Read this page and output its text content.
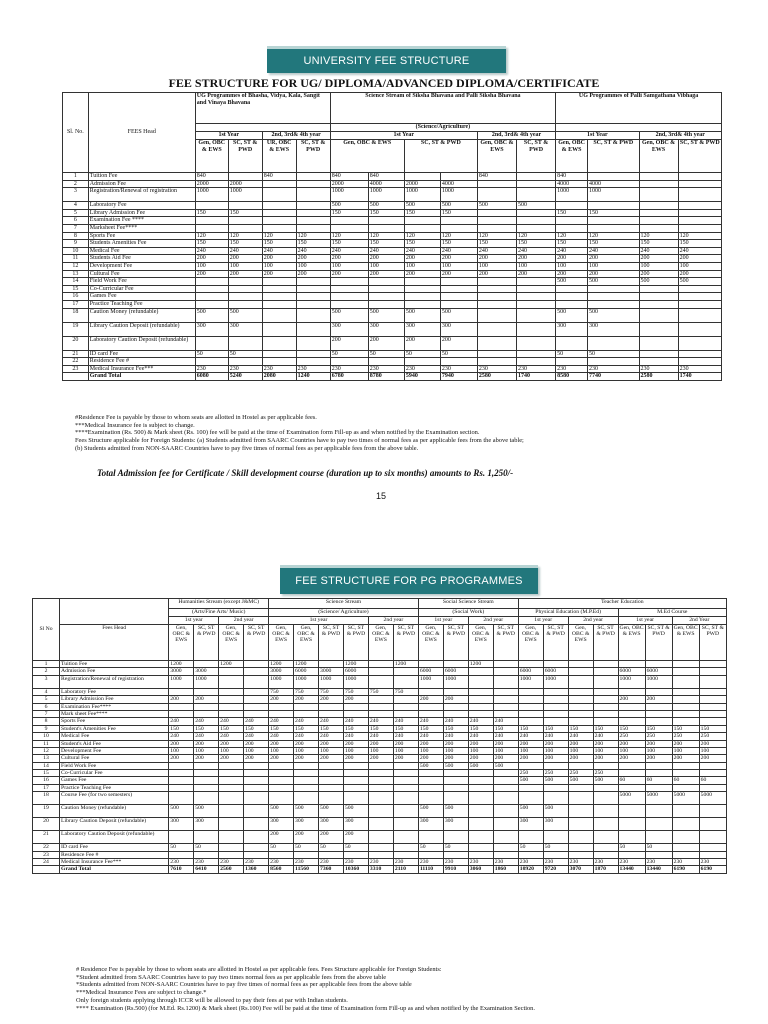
UNIVERSITY FEE STRUCTURE
FEE STRUCTURE FOR UG/ DIPLOMA/ADVANCED DIPLOMA/CERTIFICATE
Sl. No.	FEES Head	UG Programmes of Bhasha, Vidya, Kala, Sangit and Vinaya Bhavana				Science Stream of Siksha Bhavana and Palli Siksha Bhavana						UG Programmes of Palli Samgathana Vibhaga			
						(Science/Agriculture)									
		1st Year		2nd, 3rd& 4th year		1st Year				2nd, 3rd& 4th year		1st Year		2nd, 3rd& 4th year	
		Gen, OBC & EWS	SC, ST & PWD	UR, OBC & EWS	SC, ST & PWD	Gen, OBC & EWS		SC, ST & PWD		Gen, OBC & EWS	SC, ST & PWD	Gen, OBC & EWS	SC, ST & PWD	Gen, OBC & EWS	SC, ST & PWD
1	Tuition Fee	840		840		840	840			840		840			
2	Admission Fee	2000	2000			2000	4000	2000	4000			4000	4000		
3	Registration/Renewal of registration	1000	1000			1000	1000	1000	1000			1000	1000		
4	Laboratory Fee					500	500	500	500	500	500				
5	Library Admission Fee	150	150			150	150	150	150			150	150		
6	Examination Fee ****														
7	Marksheet Fee****														
8	Sports Fee	120	120	120	120	120	120	120	120	120	120	120	120	120	120
9	Students Amenities Fee	150	150	150	150	150	150	150	150	150	150	150	150	150	150
10	Medical Fee	240	240	240	240	240	240	240	240	240	240	240	240	240	240
11	Students Aid Fee	200	200	200	200	200	200	200	200	200	200	200	200	200	200
12	Development Fee	100	100	100	100	100	100	100	100	100	100	100	100	100	100
13	Cultural Fee	200	200	200	200	200	200	200	200	200	200	200	200	200	200
14	Field Work Fee											500	500	500	500
15	Co-Curricular Fee														
16	Games Fee														
17	Practice Teaching Fee														
18	Caution Money (refundable)	500	500			500	500	500	500			500	500		
19	Library Caution Deposit (refundable)	300	300			300	300	300	300			300	300		
20	Laboratory Caution Deposit (refundable)					200	200	200	200						
21	ID card Fee	50	50			50	50	50	50			50	50		
22	Residence Fee #														
23	Medical Insurance Fee***	230	230	230	230	230	230	230	230	230	230	230	230	230	230
	Grand Total	6080	5240	2080	1240	6780	8780	5940	7940	2580	1740	8580	7740	2580	1740
#Residence Fee is payable by those to whom seats are allotted in Hostel as per applicable fees.
***Medical Insurance fee is subject to change.
****Examination (Rs. 500) & Mark sheet (Rs. 100) fee will be paid at the time of Examination form Fill-up as and when notified by the Examination section.
Fees Structure applicable for Foreign Students: (a) Students admitted from SAARC Countries have to pay two times of normal fees as per applicable fees from the above table;
(b) Students admitted from NON-SAARC Countries have to pay five times of normal fees as per applicable fees from the above table.
Total Admission fee for Certificate / Skill development course (duration up to six months) amounts to Rs. 1,250/-
15
FEE STRUCTURE FOR PG PROGRAMMES
Sl No		Humanities Stream (except J&MC)				Science Stream						Social Science Stream				Teacher Education							
		(Arts/Fine Arts/ Music)				(Science/ Agriculture)						(Social Work)				Physical Education (M.P.Ed)				M.Ed Course			
		1st year		2nd year		1st year				2nd year		1st year		2nd year		1st year		2nd year		1st year		2nd Year	
	Fees Head	Gen, OBC & EWS	SC, ST & PWD	Gen, OBC & EWS	SC, ST & PWD	Gen, OBC & EWS	Gen, OBC & EWS	SC, ST & PWD	SC, ST & PWD	Gen, OBC & EWS	SC, ST & PWD	Gen, OBC & EWS	SC, ST & PWD	Gen, OBC & EWS	SC, ST & PWD	Gen, OBC & EWS	SC, ST & PWD	Gen, OBC & EWS	SC, ST & PWD	Gen, OBC & EWS	SC, ST & PWD	Gen, OBC & EWS	SC, ST & PWD
1	Tuition Fee	1200		1200		1200	1200		1200		1200			1200									
2	Admission Fee	3000	3000			3000	6000	3000	6000			6000	6000			6000	6000			6000	6000		
3	Registration/Renewal of registration	1000	1000			1000	1000	1000	1000			1000	1000			1000	1000			1000	1000		
4	Laboratory Fee					750	750	750	750	750	750												
5	Library Admission Fee	200	200			200	200	200	200			200	200							200	200		
6	Examination Fee****																						
7	Mark sheet Fee****																						
8	Sports Fee	240	240	240	240	240	240	240	240	240	240	240	240	240	240								
9	Student's Amenities Fee	150	150	150	150	150	150	150	150	150	150	150	150	150	150	150	150	150	150	150	150	150	150
10	Medical Fee	240	240	240	240	240	240	240	240	240	240	240	240	240	240	240	240	240	240	250	250	250	250
11	Student's Aid Fee	200	200	200	200	200	200	200	200	200	200	200	200	200	200	200	200	200	200	200	200	200	200
12	Development Fee	100	100	100	100	100	100	100	100	100	100	100	100	100	100	100	100	100	100	100	100	100	100
13	Cultural Fee	200	200	200	200	200	200	200	200	200	200	200	200	200	200	200	200	200	200	200	200	200	200
14	Field Work Fee											500	500	500	500								
15	Co-Curricular Fee															250	250	250	250				
16	Games Fee															500	500	500	500	60	60	60	60
17	Practice Teaching Fee																						
18	Course Fee (for two semesters)																			5000	5000	5000	5000
19	Caution Money (refundable)	500	500			500	500	500	500			500	500			500	500						
20	Library Caution Deposit (refundable)	300	300			300	300	300	300			300	300			300	300						
21	Laboratory Caution Deposit (refundable)					200	200	200	200														
22	ID card Fee	50	50			50	50	50	50			50	50			50	50			50	50		
23	Residence Fee #																						
24	Medical Insurance Fee***	230	230	230	230	230	230	230	230	230	230	230	230	230	230	230	230	230	230	230	230	230	230
	Grand Total	7610	6410	2560	1360	8560	11560	7360	10360	3310	2110	11110	9910	3060	1860	10920	9720	3070	1870	13440	13440	6190	6190
# Residence Fee is payable by those to whom seats are allotted in Hostel as per applicable fees. Fees Structure applicable for Foreign Students:
*Student admitted from SAARC Countries have to pay two times normal fees as per applicable fees from the above table
*Students admitted from NON-SAARC Countries have to pay five times of normal fees as per applicable fees from the above table
***Medical Insurance Fees are subject to change.*
Only foreign students applying through ICCR will be allowed to pay their fees at par with Indian students.
**** Examination (Rs.500) (for M.Ed. Rs.1200) & Mark sheet (Rs.100) Fee will be paid at the time of Examination form Fill-up as and when notified by the Examination Section.
